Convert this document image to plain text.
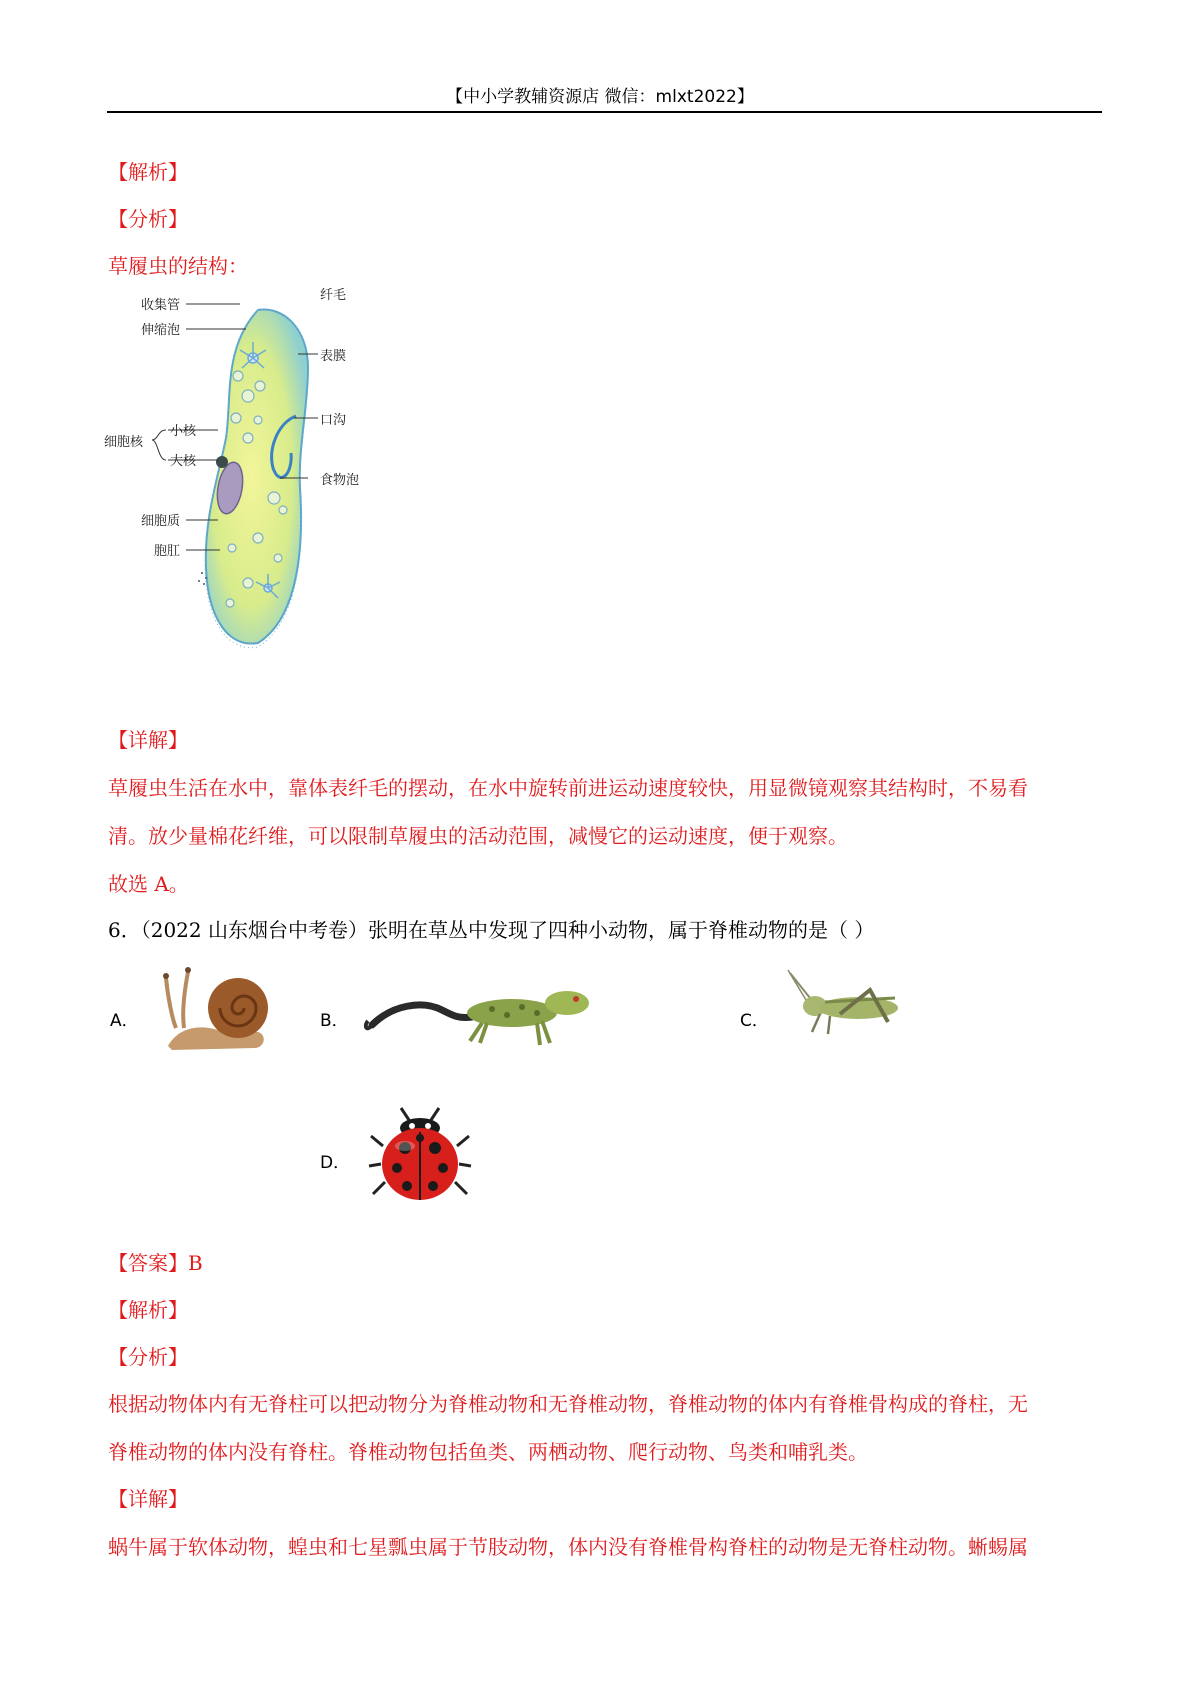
【中小学教辅资源店 微信：mlxt2022】
【解析】
【分析】
草履虫的结构：
收集管
伸缩泡
纤毛
表膜
口沟
小核
细胞核
大核
食物泡
细胞质
胞肛
【详解】
草履虫生活在水中，靠体表纤毛的摆动，在水中旋转前进运动速度较快，用显微镜观察其结构时，不易看
清。放少量棉花纤维，可以限制草履虫的活动范围，减慢它的运动速度，便于观察。
故选 A。
6．（2022 山东烟台中考卷）张明在草丛中发现了四种小动物，属于脊椎动物的是（ ）
A．	B．	C．
D．
【答案】B
【解析】
【分析】
根据动物体内有无脊柱可以把动物分为脊椎动物和无脊椎动物，脊椎动物的体内有脊椎骨构成的脊柱，无
脊椎动物的体内没有脊柱。脊椎动物包括鱼类、两栖动物、爬行动物、鸟类和哺乳类。
【详解】
蜗牛属于软体动物，蝗虫和七星瓢虫属于节肢动物，体内没有脊椎骨构脊柱的动物是无脊柱动物。蜥蜴属
